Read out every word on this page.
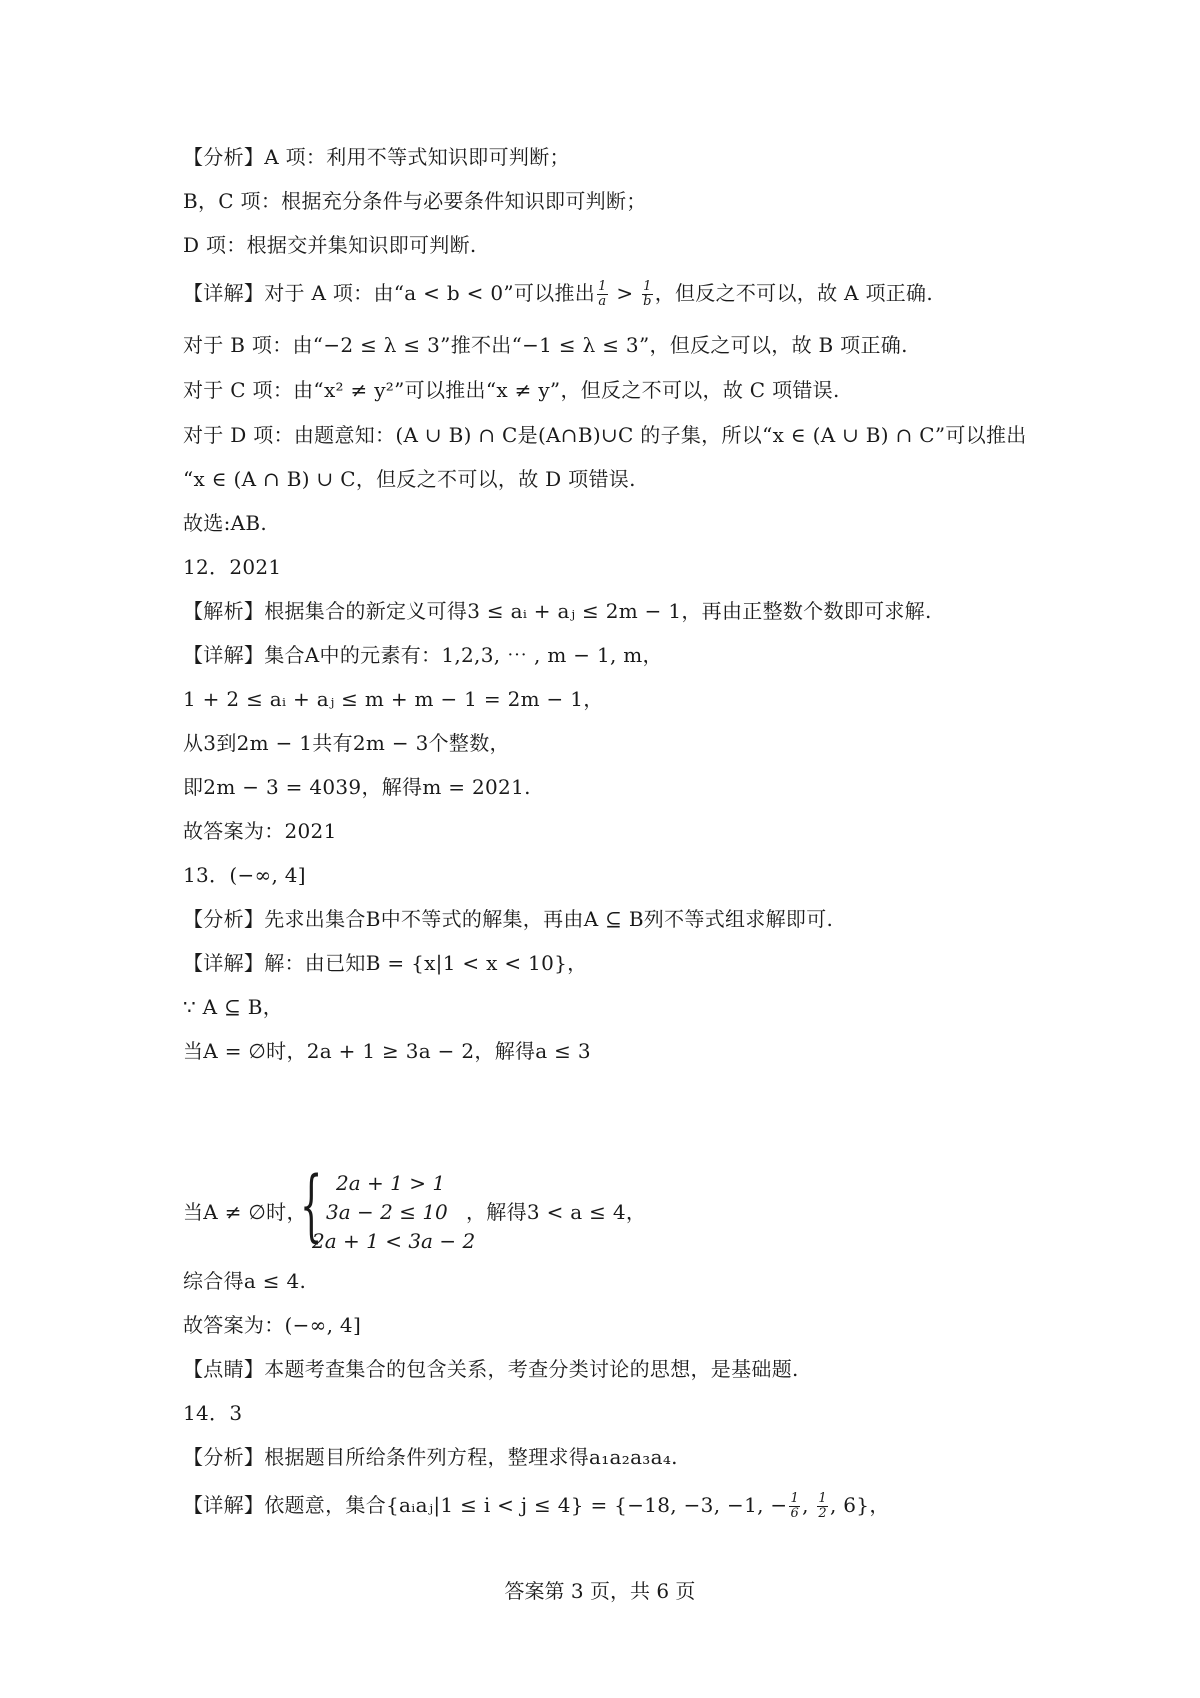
【分析】A 项：利用不等式知识即可判断；
B，C 项：根据充分条件与必要条件知识即可判断；
D 项：根据交并集知识即可判断.
【详解】对于 A 项：由“a < b < 0”可以推出 $\frac{1}{a} > \frac{1}{b}$ ，但反之不可以，故 A 项正确.
对于 B 项：由“−2 ≤ λ ≤ 3”推不出“−1 ≤ λ ≤ 3”，但反之可以，故 B 项正确.
对于 C 项：由“x² ≠ y²”可以推出“x ≠ y”，但反之不可以，故 C 项错误.
对于 D 项：由题意知：(A ∪ B) ∩ C是(A∩B)∪C 的子集，所以“x ∈ (A ∪ B) ∩ C”可以推出
“x ∈ (A ∩ B) ∪ C，但反之不可以，故 D 项错误.
故选:AB.
12．2021
【解析】根据集合的新定义可得3 ≤ aᵢ + aⱼ ≤ 2m − 1，再由正整数个数即可求解.
【详解】集合A中的元素有：1,2,3, ⋯ , m − 1, m，
1 + 2 ≤ aᵢ + aⱼ ≤ m + m − 1 = 2m − 1，
从3到2m − 1共有2m − 3个整数，
即2m − 3 = 4039，解得m = 2021.
故答案为：2021
13．(−∞, 4]
【分析】先求出集合B中不等式的解集，再由A ⊆ B列不等式组求解即可.
【详解】解：由已知B = {x|1 < x < 10}，
∵ A ⊆ B，
当A = ∅时，2a + 1 ≥ 3a − 2，解得a ≤ 3
当A ≠ ∅时，
{ 2a + 1 > 1
3a − 2 ≤ 10
2a + 1 < 3a − 2
，解得3 < a ≤ 4，
综合得a ≤ 4.
故答案为：(−∞, 4]
【点睛】本题考查集合的包含关系，考查分类讨论的思想，是基础题.
14．3
【分析】根据题目所给条件列方程，整理求得a₁a₂a₃a₄.
【详解】依题意，集合{aᵢaⱼ|1 ≤ i < j ≤ 4} = {−18, −3, −1, − $\frac{1}{6}$ , $\frac{1}{2}$ , 6}，
答案第 3 页，共 6 页
